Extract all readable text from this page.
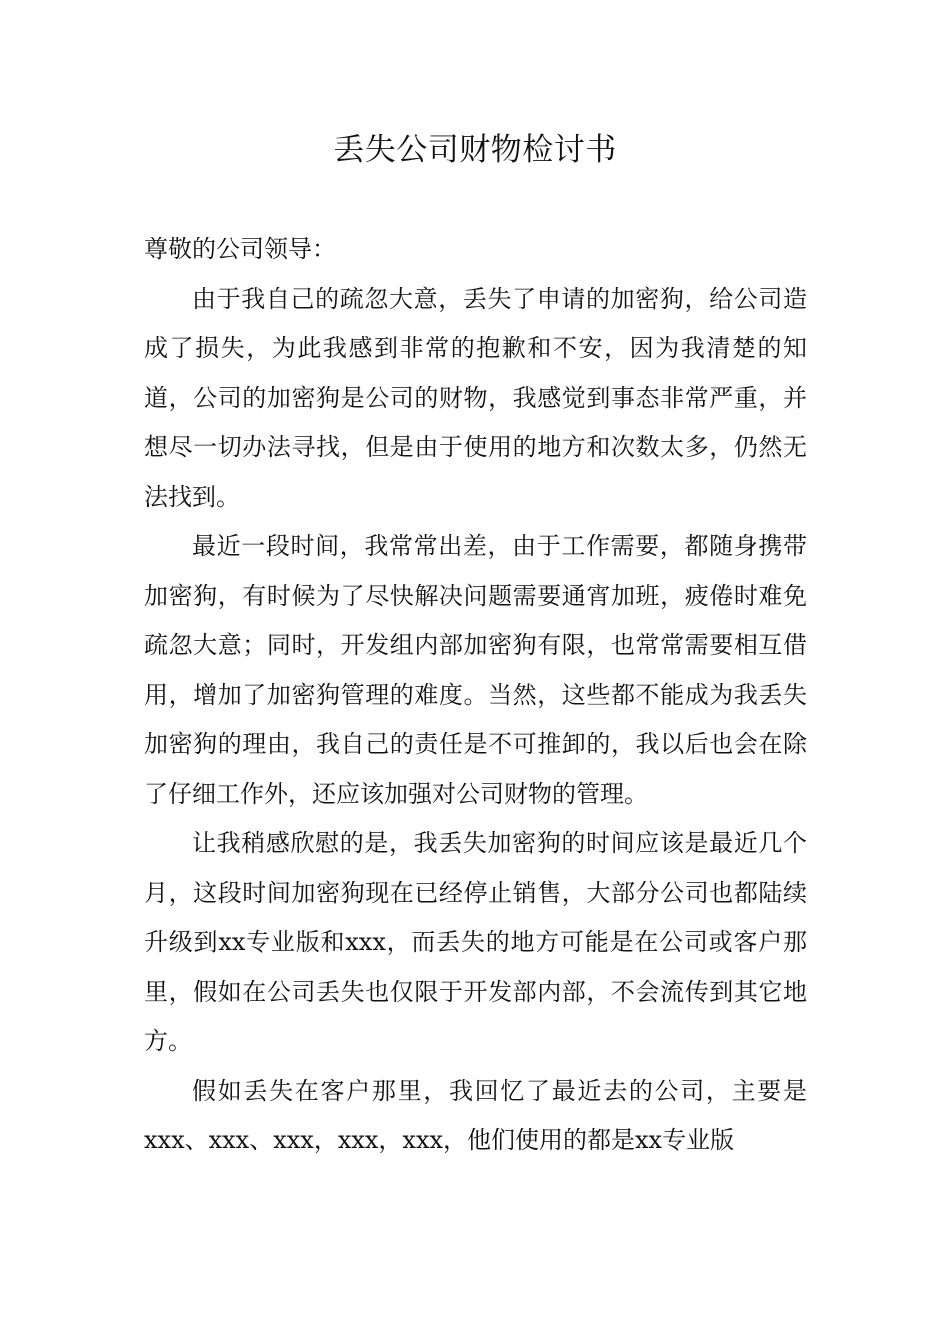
丢失公司财物检讨书

尊敬的公司领导：

由于我自己的疏忽大意，丢失了申请的加密狗，给公司造成了损失，为此我感到非常的抱歉和不安，因为我清楚的知道，公司的加密狗是公司的财物，我感觉到事态非常严重，并想尽一切办法寻找，但是由于使用的地方和次数太多，仍然无法找到。

最近一段时间，我常常出差，由于工作需要，都随身携带加密狗，有时候为了尽快解决问题需要通宵加班，疲倦时难免疏忽大意；同时，开发组内部加密狗有限，也常常需要相互借用，增加了加密狗管理的难度。当然，这些都不能成为我丢失加密狗的理由，我自己的责任是不可推卸的，我以后也会在除了仔细工作外，还应该加强对公司财物的管理。

让我稍感欣慰的是，我丢失加密狗的时间应该是最近几个月，这段时间加密狗现在已经停止销售，大部分公司也都陆续升级到xx专业版和xxx，而丢失的地方可能是在公司或客户那里，假如在公司丢失也仅限于开发部内部，不会流传到其它地方。

假如丢失在客户那里，我回忆了最近去的公司，主要是xxx、xxx、xxx，xxx，xxx，他们使用的都是xx专业版
